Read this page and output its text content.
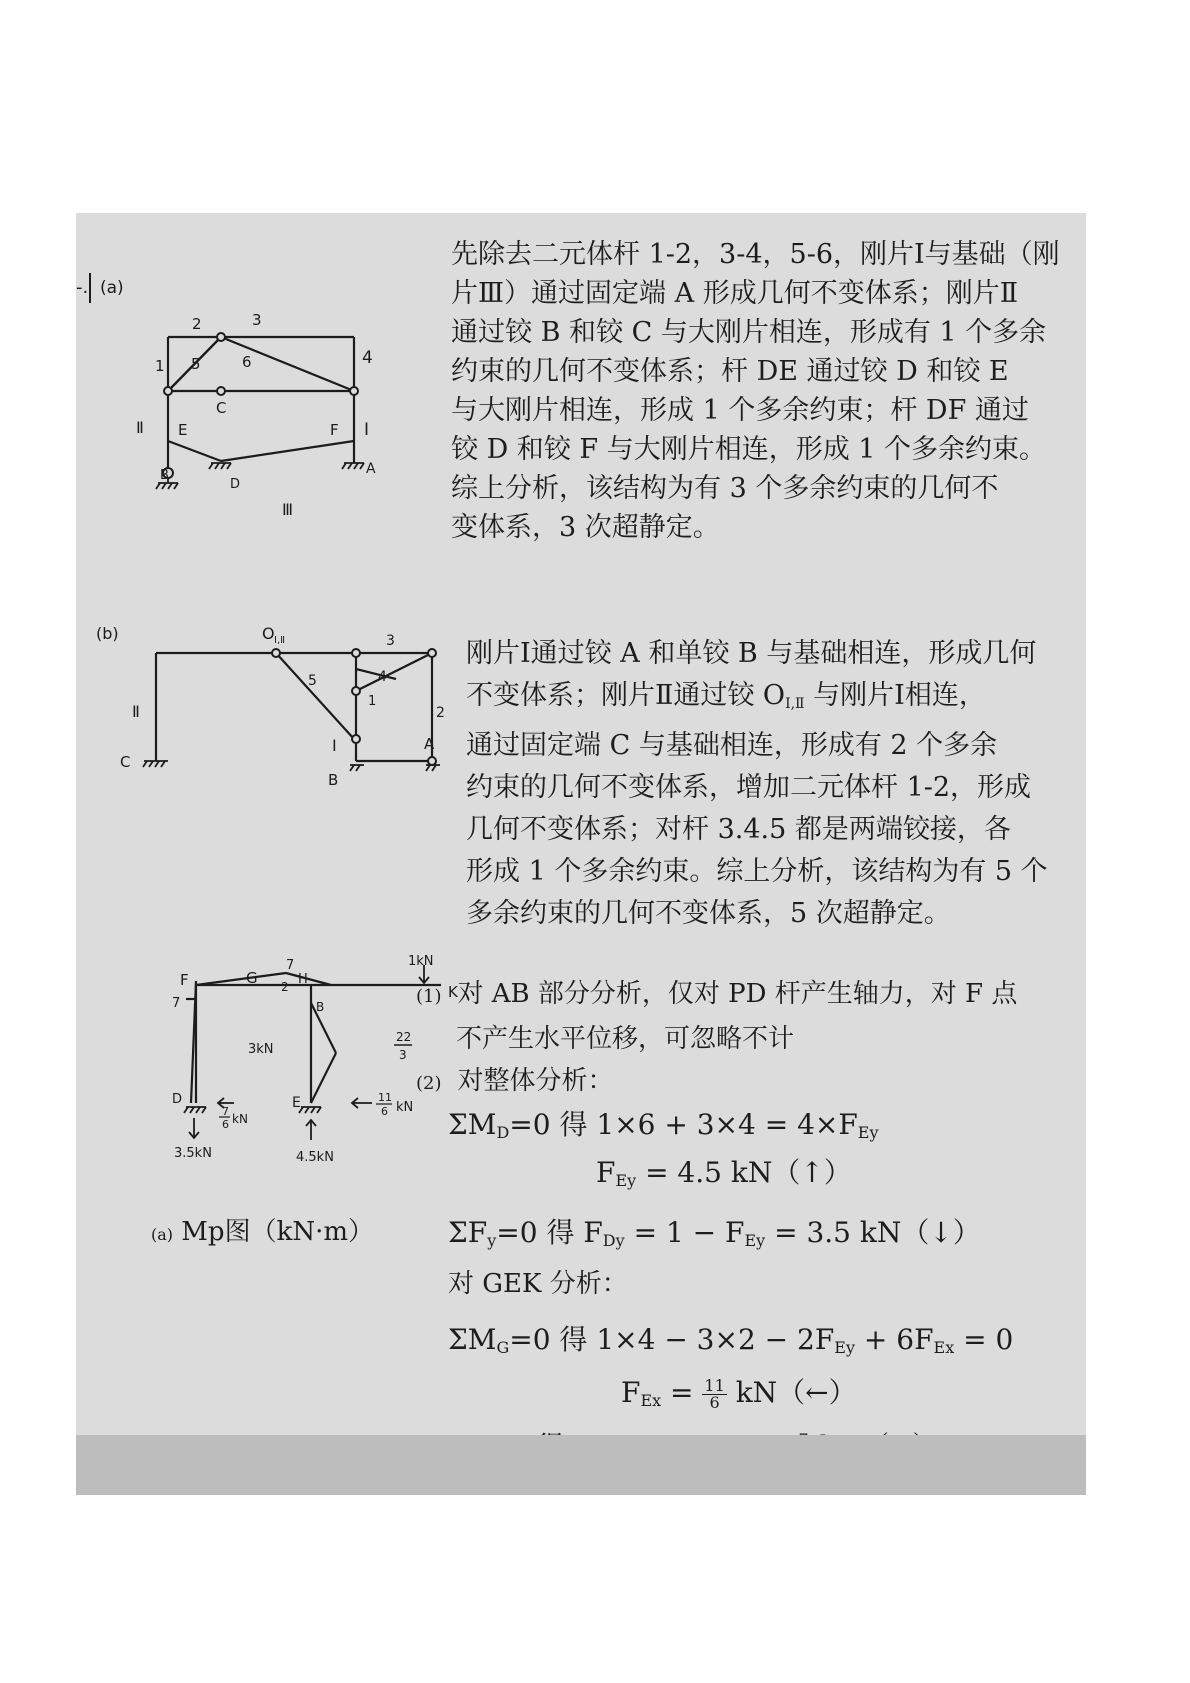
-. (a)
2	3
1 5	6	4
C
Ⅱ E	F I
B	A
D
Ⅲ
先除去二元体杆 1-2，3-4，5-6，刚片Ⅰ与基础（刚
片Ⅲ）通过固定端 A 形成几何不变体系；刚片Ⅱ
通过铰 B 和铰 C 与大刚片相连，形成有 1 个多余
约束的几何不变体系；杆 DE 通过铰 D 和铰 E
与大刚片相连，形成 1 个多余约束；杆 DF 通过
铰 D 和铰 F 与大刚片相连，形成 1 个多余约束。
综上分析，该结构为有 3 个多余约束的几何不
变体系，3 次超静定。
(b)	O Ⅰ,Ⅱ	3
4
5
1
2
Ⅱ
Ⅰ
C
B
A
刚片Ⅰ通过铰 A 和单铰 B 与基础相连，形成几何
不变体系；刚片Ⅱ通过铰 OⅠ,Ⅱ 与刚片Ⅰ相连，
通过固定端 C 与基础相连，形成有 2 个多余
约束的几何不变体系，增加二元体杆 1-2，形成
几何不变体系；对杆 3.4.5 都是两端铰接，各
形成 1 个多余约束。综上分析，该结构为有 5 个
多余约束的几何不变体系，5 次超静定。
F
7
G
7
2 H
B
K
1kN
3kN
22
3
D	E
7
6 kN
11
6 kN
3.5kN	4.5kN
(a) Mp图（kN·m）
(1) 对 AB 部分分析，仅对 PD 杆产生轴力，对 F 点
不产生水平位移，可忽略不计
(2) 对整体分析：
$\Sigma M_D=0$ 得 $1\times 6 + 3\times 4 = 4\times F_{Ey}$
$F_{Ey} = 4.5$ kN（↑）
$\Sigma F_y=0$ 得 $F_{Dy} = 1 - F_{Ey} = 3.5$ kN（↓）
对 GEK 分析：
$\Sigma M_G=0$ 得 $1\times 4 - 3\times 2 - 2F_{Ey} + 6F_{Ex} = 0$
$F_{Ex} = \frac{11}{6}$ kN（←）
